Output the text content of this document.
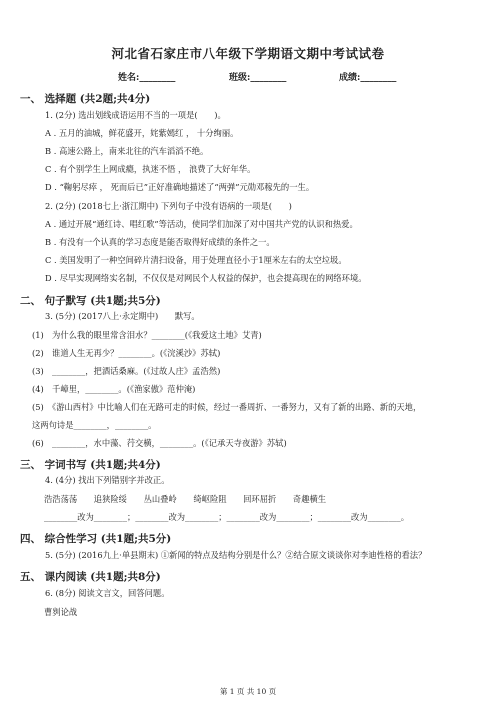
河北省石家庄市八年级下学期语文期中考试试卷
姓名:________	班级:________	成绩:________
一、 选择题 (共2题;共4分)
1. (2分) 选出划线成语运用不当的一项是(　　)。
A . 五月的油城，鲜花盛开，姹紫嫣红 ， 十分绚丽。
B . 高速公路上，南来北往的汽车滔滔不绝。
C . 有个别学生上网成瘾，执迷不悟 ， 浪费了大好年华。
D . “鞠躬尽瘁 ， 死而后已”正好准确地描述了“两弹”元勋邓稼先的一生。
2. (2分) (2018七上·浙江期中) 下列句子中没有语病的一项是(　　)
A . 通过开展“通红诗、唱红歌”等活动，使同学们加深了对中国共产党的认识和热爱。
B . 有没有一个认真的学习态度是能否取得好成绩的条件之一。
C . 美国发明了一种空间碎片清扫设备，用于处理直径小于1厘米左右的太空垃圾。
D . 尽早实现网络实名制，不仅仅是对网民个人权益的保护，也会提高现在的网络环境。
二、 句子默写 (共1题;共5分)
3. (5分) (2017八上·永定期中)　　默写。
(1)　为什么我的眼里常含泪水？________(《我爱这土地》艾青)
(2)　谁道人生无再少？________。(《浣溪沙》苏轼)
(3)　________，把酒话桑麻。(《过故人庄》孟浩然)
(4)　千嶂里，________。(《渔家傲》范仲淹)
(5)　《游山西村》中比喻人们在无路可走的时候，经过一番周折、一番努力，又有了新的出路、新的天地，
这两句诗是________，________。
(6)　________，水中藻、荇交横，________。(《记承天寺夜游》苏轼)
三、 字词书写 (共1题;共4分)
4. (4分) 找出下列错别字并改正。
浩浩荡荡　　追狭险绥　　丛山叠岭　　绮岖险阻　　回环屈折　　奇趣横生
________改为________；________改为________；________改为________；________改为________。
四、 综合性学习 (共1题;共5分)
5. (5分) (2016九上·单县期末) ①新闻的特点及结构分别是什么？②结合原文谈谈你对李迪性格的看法？
五、 课内阅读 (共1题;共8分)
6. (8分) 阅读文言文，回答问题。
曹刿论战
第 1 页 共 10 页
